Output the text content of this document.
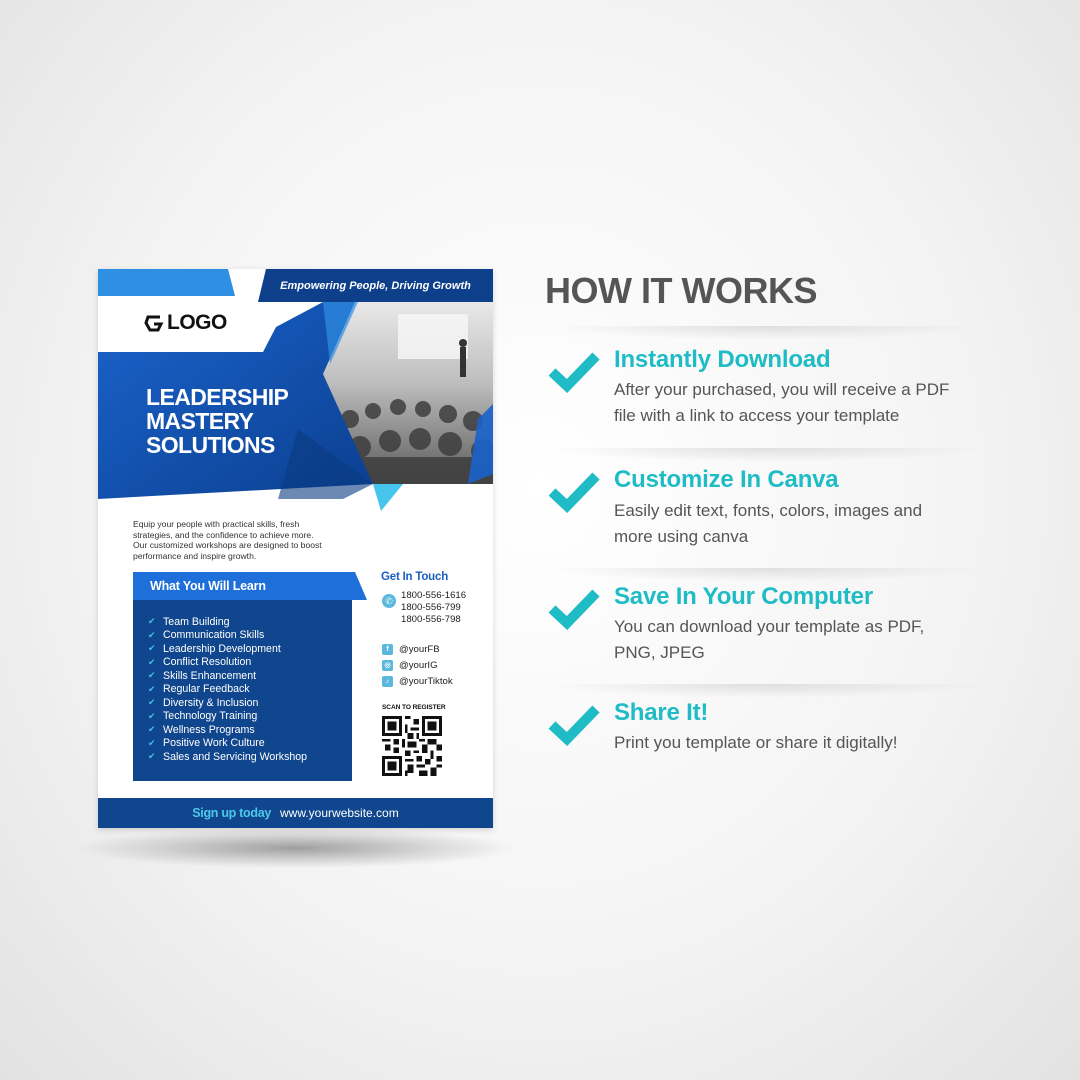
Empowering People, Driving Growth
LOGO
LEADERSHIP
MASTERY
SOLUTIONS
Equip your people with practical skills, fresh
strategies, and the confidence to achieve more.
Our customized workshops are designed to boost
performance and inspire growth.
What You Will Learn
✔ Team Building
✔ Communication Skills
✔ Leadership Development
✔ Conflict Resolution
✔ Skills Enhancement
✔ Regular Feedback
✔ Diversity & Inclusion
✔ Technology Training
✔ Wellness Programs
✔ Positive Work Culture
✔ Sales and Servicing Workshop
Get In Touch
✆ 1800-556-1616
1800-556-799
1800-556-798
f	@yourFB
◎ @yourIG
♪	@yourTiktok
SCAN TO REGISTER
Sign up today www.yourwebsite.com
HOW IT WORKS
Instantly Download
After your purchased, you will receive a PDF
file with a link to access your template
Customize In Canva
Easily edit text, fonts, colors, images and
more using canva
Save In Your Computer
You can download your template as PDF,
PNG, JPEG
Share It!
Print you template or share it digitally!
